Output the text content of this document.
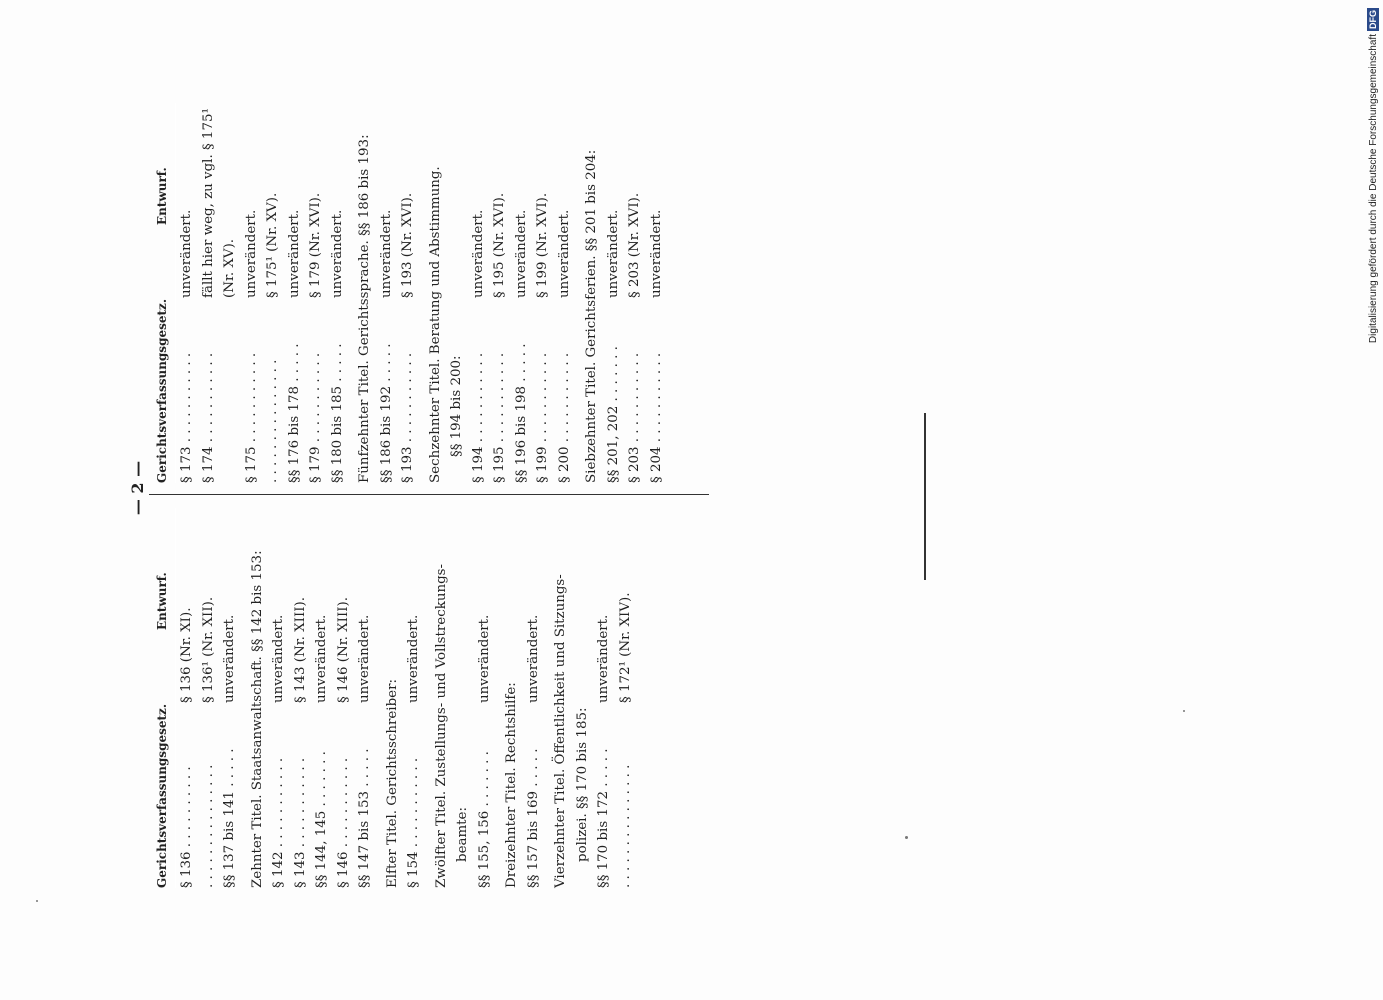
— 2 —
Gerichtsverfassungsgesetz.
Entwurf.
§ 136 . . . . . . . . . .
§ 136 (Nr. XI).
. . . . . . . . . . . . . . .
§ 136¹ (Nr. XII).
§§ 137 bis 141 . . . . .
unverändert. Zehnter Titel. Staatsanwaltschaft. §§ 142 bis 153: § 142 . . . . . . . . . . .
unverändert.
§ 143 . . . . . . . . . . .
§ 143 (Nr. XIII).
§§ 144, 145 . . . . . . .
unverändert.
§ 146 . . . . . . . . . . .
§ 146 (Nr. XIII).
§§ 147 bis 153 . . . . .
unverändert.
Elfter Titel. Gerichtsschreiber: § 154 . . . . . . . . . . .
unverändert. Zwölfter Titel. Zustellungs- und Vollstreckungs- beamte: §§ 155, 156 . . . . . . .
unverändert.
Dreizehnter Titel. Rechtshilfe: §§ 157 bis 169 . . . . .
unverändert. Vierzehnter Titel. Öffentlichkeit und Sitzungs- polizei. §§ 170 bis 185: §§ 170 bis 172 . . . . .
unverändert.
. . . . . . . . . . . . . . .
§ 172¹ (Nr. XIV).
Gerichtsverfassungsgesetz.
Entwurf.
§ 173 . . . . . . . . . . .
unverändert.
§ 174 . . . . . . . . . . .
fällt hier weg, zu vgl. § 175¹ (Nr. XV).
§ 175 . . . . . . . . . . .
unverändert.
. . . . . . . . . . . . . . .
§ 175¹ (Nr. XV).
§§ 176 bis 178 . . . . .
unverändert.
§ 179 . . . . . . . . . . .
§ 179 (Nr. XVI).
§§ 180 bis 185 . . . . .
unverändert. Fünfzehnter Titel. Gerichtssprache. §§ 186 bis 193: §§ 186 bis 192 . . . . .
unverändert.
§ 193 . . . . . . . . . . .
§ 193 (Nr. XVI). Sechzehnter Titel. Beratung und Abstimmung. §§ 194 bis 200: § 194 . . . . . . . . . . .
unverändert.
§ 195 . . . . . . . . . . .
§ 195 (Nr. XVI).
§§ 196 bis 198 . . . . .
unverändert.
§ 199 . . . . . . . . . . .
§ 199 (Nr. XVI).
§ 200 . . . . . . . . . . .
unverändert. Siebzehnter Titel. Gerichtsferien. §§ 201 bis 204: §§ 201, 202 . . . . . . .
unverändert.
§ 203 . . . . . . . . . . .
§ 203 (Nr. XVI).
§ 204 . . . . . . . . . . .
unverändert.	Digitalisierung gefördert durch die Deutsche Forschungsgemeinschaft
DFG
